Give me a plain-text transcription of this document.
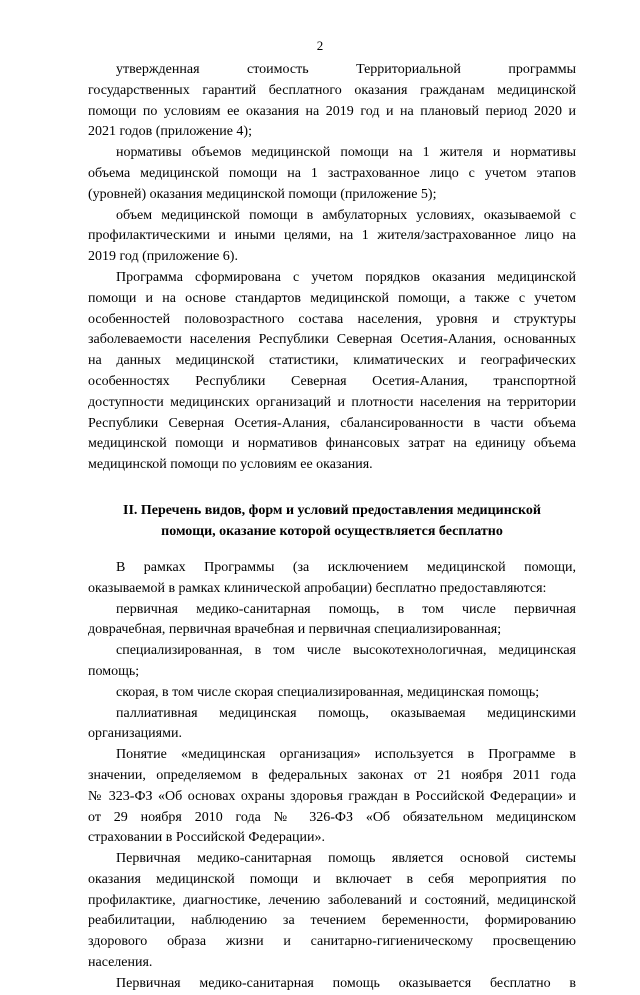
2
утвержденная стоимость Территориальной программы
государственных гарантий бесплатного оказания гражданам медицинской
помощи по условиям ее оказания на 2019 год и на плановый период 2020 и
2021 годов (приложение 4);
нормативы объемов медицинской помощи на 1 жителя и нормативы
объема медицинской помощи на 1 застрахованное лицо с учетом этапов
(уровней) оказания медицинской помощи (приложение 5);
объем медицинской помощи в амбулаторных условиях, оказываемой с
профилактическими и иными целями, на 1 жителя/застрахованное лицо на
2019 год (приложение 6).
Программа сформирована с учетом порядков оказания медицинской
помощи и на основе стандартов медицинской помощи, а также с учетом
особенностей половозрастного состава населения, уровня и структуры
заболеваемости населения Республики Северная Осетия-Алания, основанных
на данных медицинской статистики, климатических и географических
особенностях Республики Северная Осетия-Алания, транспортной
доступности медицинских организаций и плотности населения на территории
Республики Северная Осетия-Алания, сбалансированности в части объема
медицинской помощи и нормативов финансовых затрат на единицу объема
медицинской помощи по условиям ее оказания.
II. Перечень видов, форм и условий предоставления медицинской
помощи, оказание которой осуществляется бесплатно
В рамках Программы (за исключением медицинской помощи,
оказываемой в рамках клинической апробации) бесплатно предоставляются:
первичная медико-санитарная помощь, в том числе первичная
доврачебная, первичная врачебная и первичная специализированная;
специализированная, в том числе высокотехнологичная, медицинская
помощь;
скорая, в том числе скорая специализированная, медицинская помощь;
паллиативная медицинская помощь, оказываемая медицинскими
организациями.
Понятие «медицинская организация» используется в Программе в
значении, определяемом в федеральных законах от 21 ноября 2011 года
№ 323-ФЗ «Об основах охраны здоровья граждан в Российской Федерации» и
от 29 ноября 2010 года № 326-ФЗ «Об обязательном медицинском
страховании в Российской Федерации».
Первичная медико-санитарная помощь является основой системы
оказания медицинской помощи и включает в себя мероприятия по
профилактике, диагностике, лечению заболеваний и состояний, медицинской
реабилитации, наблюдению за течением беременности, формированию
здорового образа жизни и санитарно-гигиеническому просвещению
населения.
Первичная медико-санитарная помощь оказывается бесплатно в
